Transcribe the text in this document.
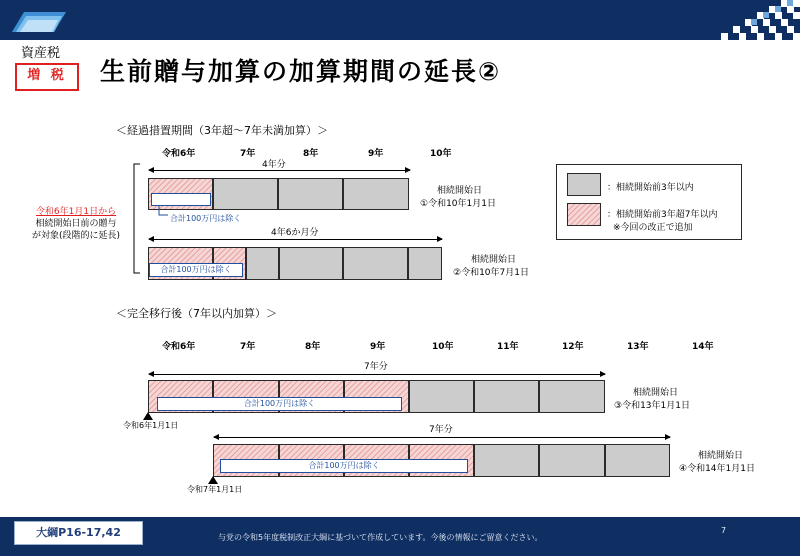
資産税
増 税	生前贈与加算の加算期間の延長②
＜経過措置期間（3年超～7年未満加算）＞
令和6年	7年	8年	9年	10年
令和6年1月1日から
相続開始日前の贈与
が対象(段階的に延長)
4年分
合計100万円は除く
相続開始日
①令和10年1月1日
4年6か月分
合計100万円は除く
相続開始日
②令和10年7月1日
：相続開始前3年以内
：相続開始前3年超7年以内
※今回の改正で追加
＜完全移行後（7年以内加算）＞
令和6年	7年	8年	9年	10年	11年	12年	13年	14年
7年分
合計100万円は除く
令和6年1月1日
相続開始日
③令和13年1月1日
7年分
合計100万円は除く
令和7年1月1日
相続開始日
④令和14年1月1日
大綱P16-17,42	与党の令和5年度税制改正大綱に基づいて作成しています。今後の情報にご留意ください。
7
